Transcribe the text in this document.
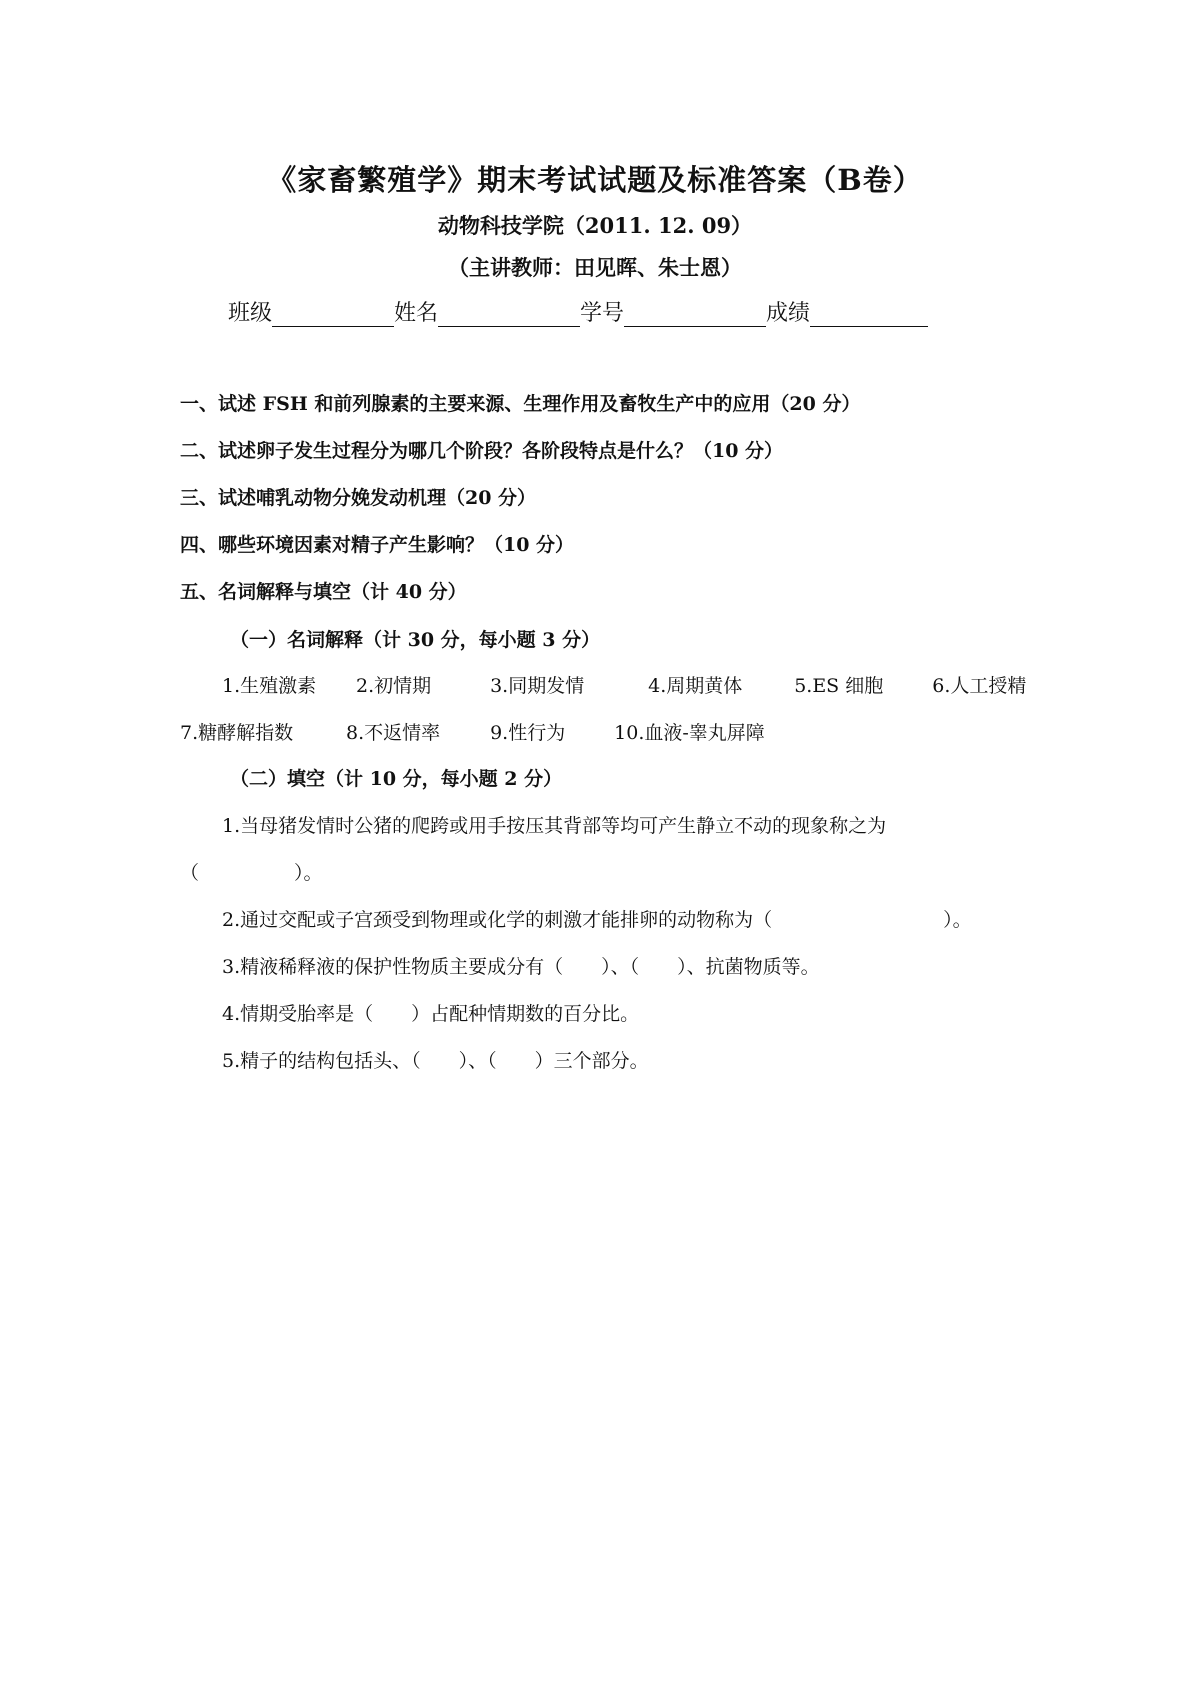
《家畜繁殖学》期末考试试题及标准答案（B卷）
动物科技学院（2011. 12. 09）
（主讲教师：田见晖、朱士恩）
班级	姓名	学号	成绩
一、试述 FSH 和前列腺素的主要来源、生理作用及畜牧生产中的应用（20 分）
二、试述卵子发生过程分为哪几个阶段？各阶段特点是什么？（10 分）
三、试述哺乳动物分娩发动机理（20 分）
四、哪些环境因素对精子产生影响？（10 分）
五、名词解释与填空（计 40 分）
（一）名词解释（计 30 分，每小题 3 分）
1.生殖激素 2.初情期	3.同期发情	4.周期黄体	5.ES 细胞	6.人工授精
7.糖酵解指数	8.不返情率	9.性行为	10.血液-睾丸屏障
（二）填空（计 10 分，每小题 2 分）
1.当母猪发情时公猪的爬跨或用手按压其背部等均可产生静立不动的现象称之为
（　　　　　）。
2.通过交配或子宫颈受到物理或化学的刺激才能排卵的动物称为（　　　　　　　　　）。
3.精液稀释液的保护性物质主要成分有（　　）、（　　）、抗菌物质等。
4.情期受胎率是（　　）占配种情期数的百分比。
5.精子的结构包括头、（　　）、（　　）三个部分。
